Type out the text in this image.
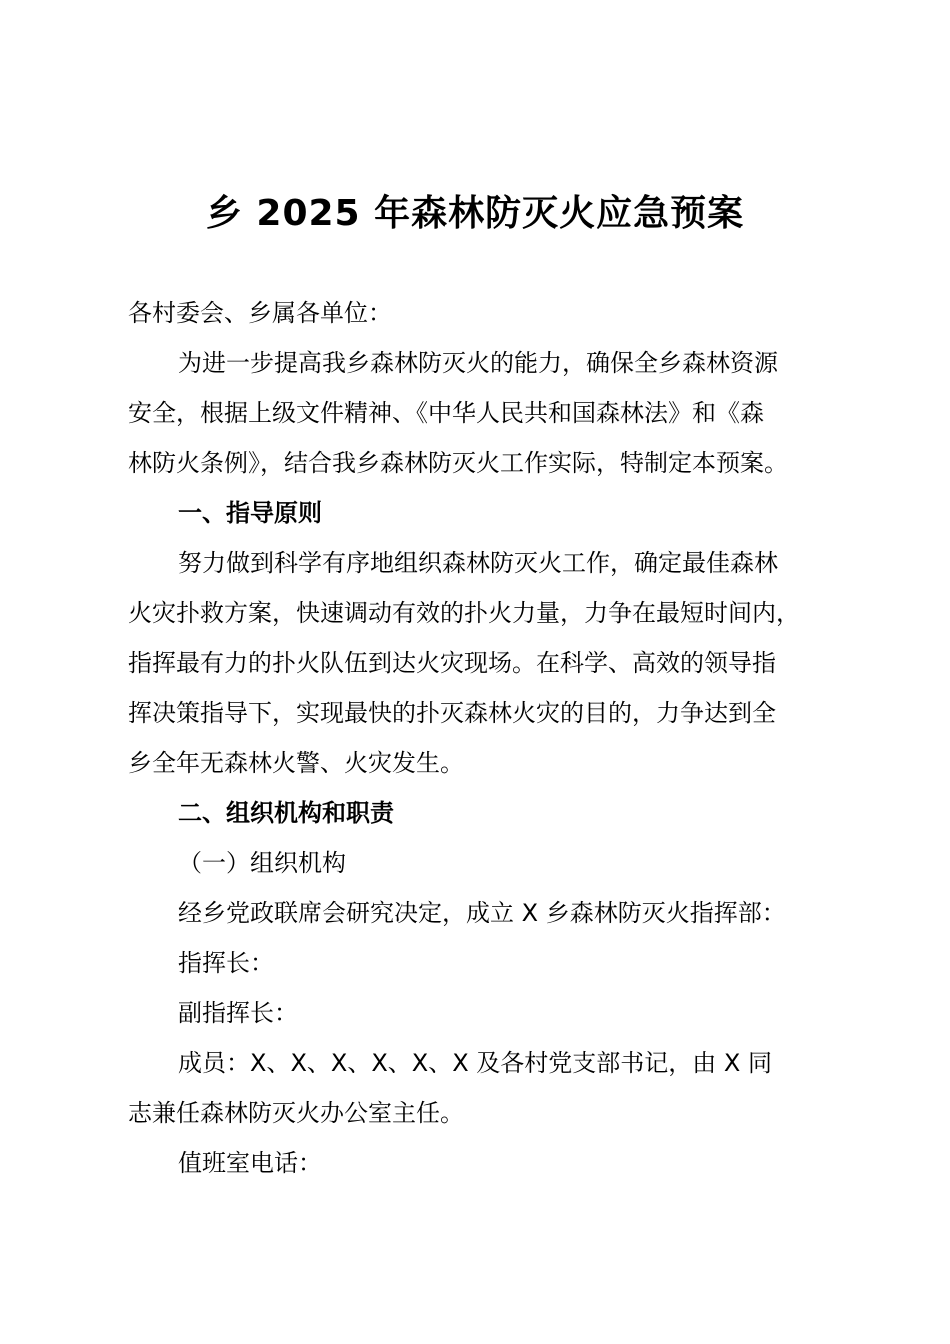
乡 2025 年森林防灭火应急预案
各村委会、乡属各单位：
为进一步提高我乡森林防灭火的能力，确保全乡森林资源
安全，根据上级文件精神、《中华人民共和国森林法》和《森
林防火条例》，结合我乡森林防灭火工作实际，特制定本预案。
一、指导原则
努力做到科学有序地组织森林防灭火工作，确定最佳森林
火灾扑救方案，快速调动有效的扑火力量，力争在最短时间内，
指挥最有力的扑火队伍到达火灾现场。在科学、高效的领导指
挥决策指导下，实现最快的扑灭森林火灾的目的，力争达到全
乡全年无森林火警、火灾发生。
二、组织机构和职责
（一）组织机构
经乡党政联席会研究决定，成立 X 乡森林防灭火指挥部：
指挥长：
副指挥长：
成员：X、X、X、X、X、X 及各村党支部书记，由 X 同
志兼任森林防灭火办公室主任。
值班室电话：
